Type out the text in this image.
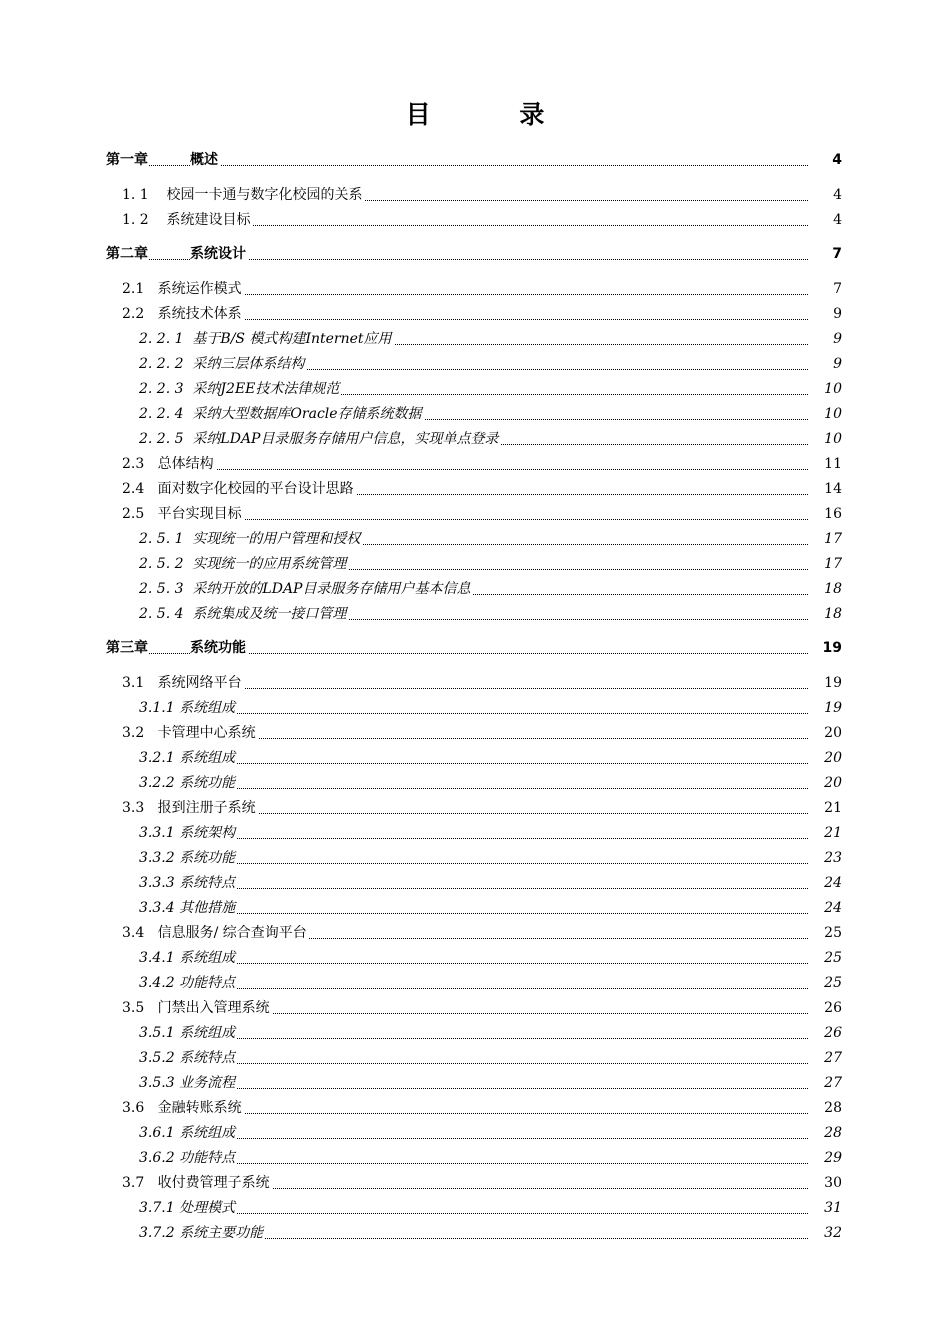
目 录
第一章	概述	4
1. 1    校园一卡通与数字化校园的关系	4
1. 2    系统建设目标	4
第二章	系统设计	7
2.1   系统运作模式	7
2.2   系统技术体系	9
2. 2. 1  基于B/S 模式构建Internet应用	9
2. 2. 2  采纳三层体系结构	9
2. 2. 3  采纳J2EE技术法律规范	10
2. 2. 4  采纳大型数据库Oracle存储系统数据	10
2. 2. 5  采纳LDAP目录服务存储用户信息，实现单点登录	10
2.3   总体结构	11
2.4   面对数字化校园的平台设计思路	14
2.5   平台实现目标	16
2. 5. 1  实现统一的用户管理和授权	17
2. 5. 2  实现统一的应用系统管理	17
2. 5. 3  采纳开放的LDAP目录服务存储用户基本信息	18
2. 5. 4  系统集成及统一接口管理	18
第三章	系统功能	19
3.1   系统网络平台	19
3.1.1 系统组成	19
3.2   卡管理中心系统	20
3.2.1 系统组成	20
3.2.2 系统功能	20
3.3   报到注册子系统	21
3.3.1 系统架构	21
3.3.2 系统功能	23
3.3.3 系统特点	24
3.3.4 其他措施	24
3.4   信息服务/ 综合查询平台	25
3.4.1 系统组成	25
3.4.2 功能特点	25
3.5   门禁出入管理系统	26
3.5.1 系统组成	26
3.5.2 系统特点	27
3.5.3 业务流程	27
3.6   金融转账系统	28
3.6.1 系统组成	28
3.6.2 功能特点	29
3.7   收付费管理子系统	30
3.7.1 处理模式	31
3.7.2 系统主要功能	32
